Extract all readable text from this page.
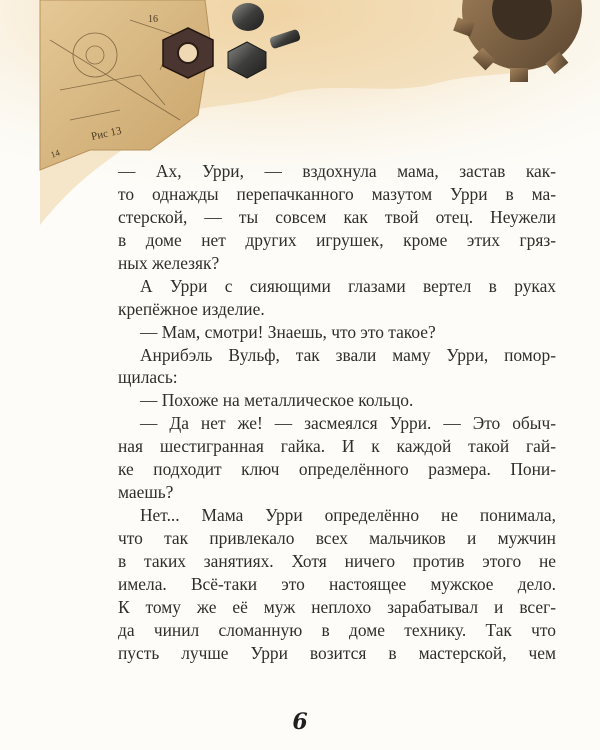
Рис 13
16
14
— Ах, Урри, — вздохнула мама, застав как-
то однажды перепачканного мазутом Урри в ма-
стерской, — ты совсем как твой отец. Неужели
в доме нет других игрушек, кроме этих гряз-
ных железяк?
А Урри с сияющими глазами вертел в руках
крепёжное изделие.
— Мам, смотри! Знаешь, что это такое?
Анрибэль Вульф, так звали маму Урри, помор-
щилась:
— Похоже на металлическое кольцо.
— Да нет же! — засмеялся Урри. — Это обыч-
ная шестигранная гайка. И к каждой такой гай-
ке подходит ключ определённого размера. Пони-
маешь?
Нет... Мама Урри определённо не понимала,
что так привлекало всех мальчиков и мужчин
в таких занятиях. Хотя ничего против этого не
имела. Всё-таки это настоящее мужское дело.
К тому же её муж неплохо зарабатывал и всег-
да чинил сломанную в доме технику. Так что
пусть лучше Урри возится в мастерской, чем
6
